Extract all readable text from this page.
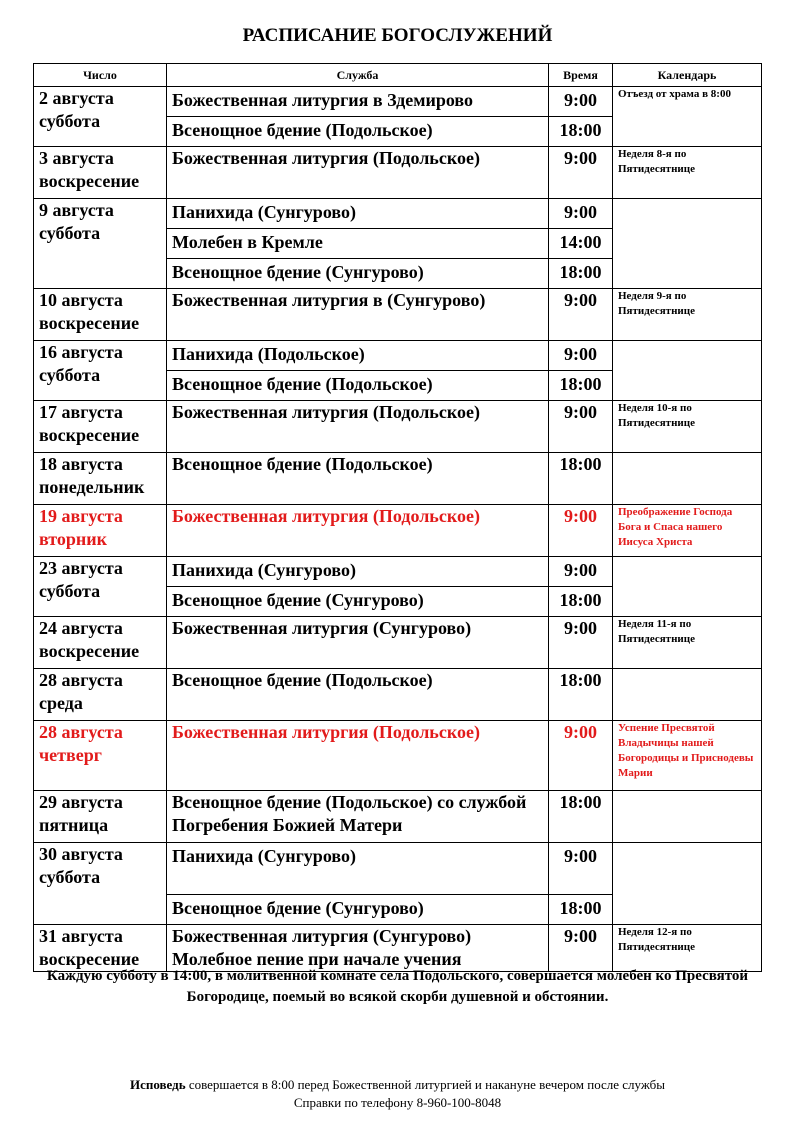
РАСПИСАНИЕ БОГОСЛУЖЕНИЙ
Число	Служба	Время	Календарь

2 августа
суббота	Божественная литургия в Здемирово	9:00	Отъезд от храма в 8:00
	Всенощное бдение (Подольское)	18:00	

3 августа
воскресение	Божественная литургия (Подольское)	9:00	Неделя 8-я по Пятидесятнице

9 августа
суббота	Панихида (Сунгурово)	9:00	
	Молебен в Кремле	14:00	
	Всенощное бдение (Сунгурово)	18:00	

10 августа
воскресение	Божественная литургия в (Сунгурово)	9:00	Неделя 9-я по Пятидесятнице

16 августа
суббота	Панихида (Подольское)	9:00	
	Всенощное бдение (Подольское)	18:00	

17 августа
воскресение	Божественная литургия (Подольское)	9:00	Неделя 10-я по Пятидесятнице

18 августа
понедельник	Всенощное бдение (Подольское)	18:00	

19 августа
вторник	Божественная литургия (Подольское)	9:00	Преображение Господа Бога и Спаса нашего Иисуса Христа

23 августа
суббота	Панихида (Сунгурово)	9:00	
	Всенощное бдение (Сунгурово)	18:00	

24 августа
воскресение	Божественная литургия (Сунгурово)	9:00	Неделя 11-я по Пятидесятнице

28 августа
среда	Всенощное бдение (Подольское)	18:00	

28 августа
четверг	Божественная литургия (Подольское)	9:00	Успение Пресвятой Владычицы нашей Богородицы и Приснодевы Марии

29 августа
пятница	Всенощное бдение (Подольское) со службой Погребения Божией Матери	18:00	

30 августа
суббота	Панихида (Сунгурово)	9:00	
	Всенощное бдение (Сунгурово)	18:00	

31 августа
воскресение	Божественная литургия (Сунгурово) Молебное пение при начале учения	9:00	Неделя 12-я по Пятидесятнице
Каждую субботу в 14:00, в молитвенной комнате села Подольского, совершается молебен ко Пресвятой Богородице, поемый во всякой скорби душевной и обстоянии.
Исповедь совершается в 8:00 перед Божественной литургией и накануне вечером после службы
Справки по телефону 8-960-100-8048
